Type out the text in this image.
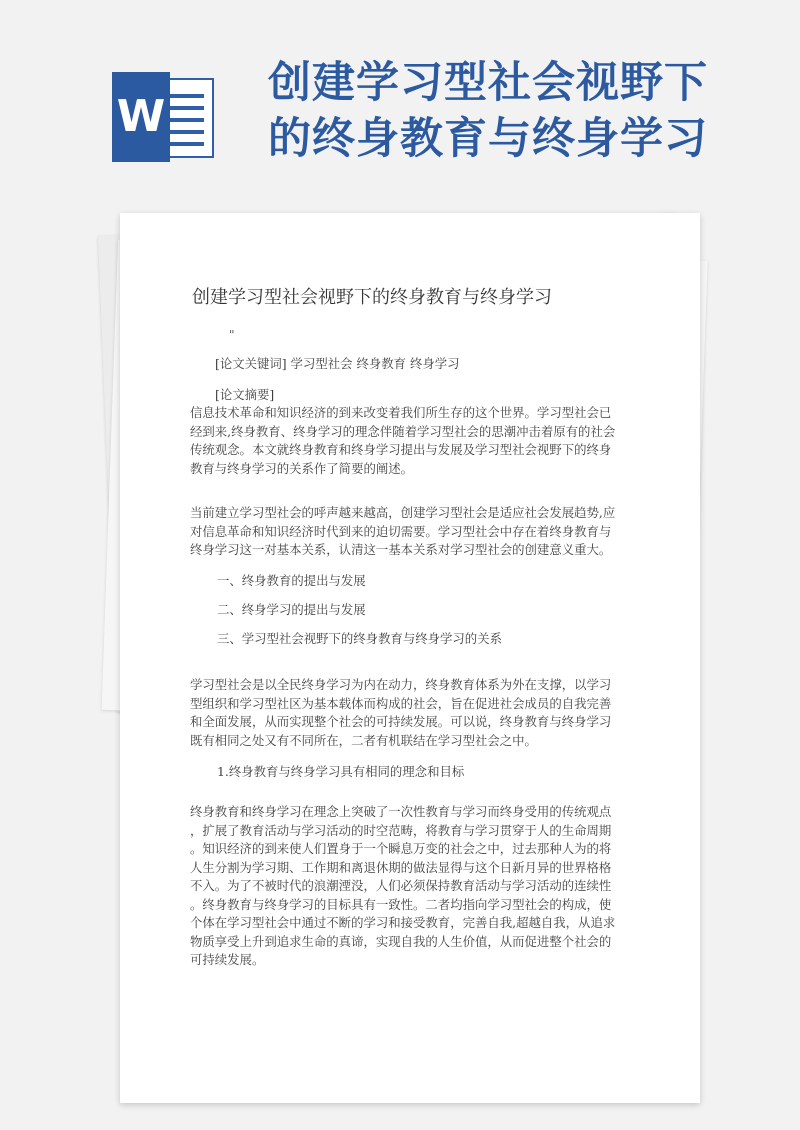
W
创建学习型社会视野下
的终身教育与终身学习
创建学习型社会视野下的终身教育与终身学习
"
[论文关键词] 学习型社会 终身教育 终身学习
[论文摘要]
信息技术革命和知识经济的到来改变着我们所生存的这个世界。学习型社会已
经到来,终身教育、终身学习的理念伴随着学习型社会的思潮冲击着原有的社会
传统观念。本文就终身教育和终身学习提出与发展及学习型社会视野下的终身
教育与终身学习的关系作了简要的阐述。
当前建立学习型社会的呼声越来越高，创建学习型社会是适应社会发展趋势,应
对信息革命和知识经济时代到来的迫切需要。学习型社会中存在着终身教育与
终身学习这一对基本关系，认清这一基本关系对学习型社会的创建意义重大。
一、终身教育的提出与发展
二、终身学习的提出与发展
三、学习型社会视野下的终身教育与终身学习的关系
学习型社会是以全民终身学习为内在动力，终身教育体系为外在支撑，以学习
型组织和学习型社区为基本载体而构成的社会，旨在促进社会成员的自我完善
和全面发展，从而实现整个社会的可持续发展。可以说，终身教育与终身学习
既有相同之处又有不同所在，二者有机联结在学习型社会之中。
1.终身教育与终身学习具有相同的理念和目标
终身教育和终身学习在理念上突破了一次性教育与学习而终身受用的传统观点
，扩展了教育活动与学习活动的时空范畴，将教育与学习贯穿于人的生命周期
。知识经济的到来使人们置身于一个瞬息万变的社会之中，过去那种人为的将
人生分割为学习期、工作期和离退休期的做法显得与这个日新月异的世界格格
不入。为了不被时代的浪潮湮没，人们必须保持教育活动与学习活动的连续性
。终身教育与终身学习的目标具有一致性。二者均指向学习型社会的构成，使
个体在学习型社会中通过不断的学习和接受教育，完善自我,超越自我，从追求
物质享受上升到追求生命的真谛，实现自我的人生价值，从而促进整个社会的
可持续发展。
